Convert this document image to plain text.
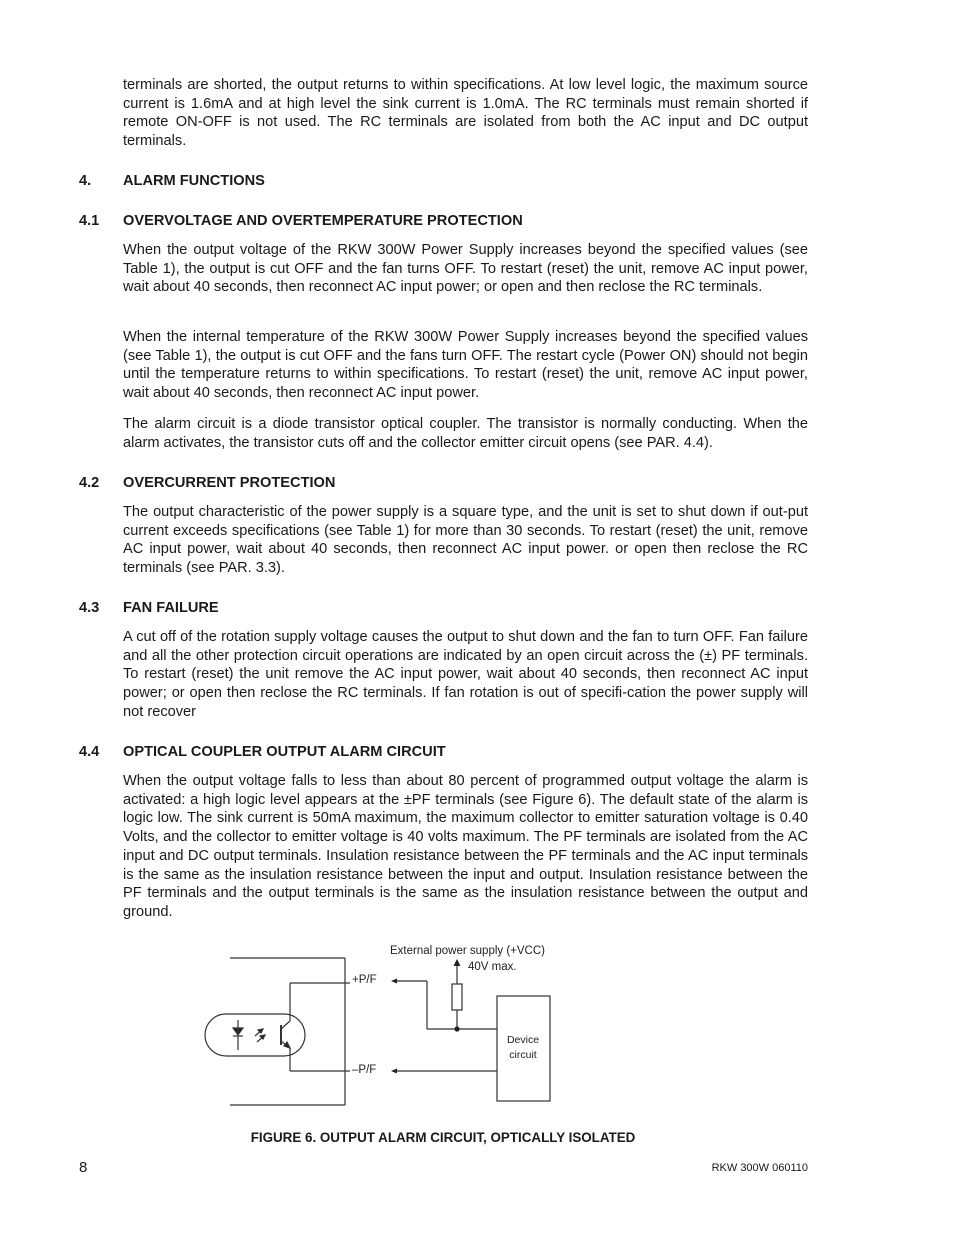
terminals are shorted, the output returns to within specifications. At low level logic, the maximum source current is 1.6mA and at high level the sink current is 1.0mA. The RC terminals must remain shorted if remote ON-OFF is not used. The RC terminals are isolated from both the AC input and DC output terminals.

4. ALARM FUNCTIONS
4.1 OVERVOLTAGE AND OVERTEMPERATURE PROTECTION

When the output voltage of the RKW 300W Power Supply increases beyond the specified values (see Table 1), the output is cut OFF and the fan turns OFF. To restart (reset) the unit, remove AC input power, wait about 40 seconds, then reconnect AC input power; or open and then reclose the RC terminals.

When the internal temperature of the RKW 300W Power Supply increases beyond the specified values (see Table 1), the output is cut OFF and the fans turn OFF. The restart cycle (Power ON) should not begin until the temperature returns to within specifications. To restart (reset) the unit, remove AC input power, wait about 40 seconds, then reconnect AC input power.

The alarm circuit is a diode transistor optical coupler. The transistor is normally conducting. When the alarm activates, the transistor cuts off and the collector emitter circuit opens (see PAR. 4.4).

4.2 OVERCURRENT PROTECTION

The output characteristic of the power supply is a square type, and the unit is set to shut down if out-put current exceeds specifications (see Table 1) for more than 30 seconds. To restart (reset) the unit, remove AC input power, wait about 40 seconds, then reconnect AC input power. or open then reclose the RC terminals (see PAR. 3.3).

4.3 FAN FAILURE

A cut off of the rotation supply voltage causes the output to shut down and the fan to turn OFF. Fan failure and all the other protection circuit operations are indicated by an open circuit across the (±) PF terminals. To restart (reset) the unit remove the AC input power, wait about 40 seconds, then reconnect AC input power; or open then reclose the RC terminals. If fan rotation is out of specifi-cation the power supply will not recover

4.4 OPTICAL COUPLER OUTPUT ALARM CIRCUIT

When the output voltage falls to less than about 80 percent of programmed output voltage the alarm is activated: a high logic level appears at the ±PF terminals (see Figure 6). The default state of the alarm is logic low. The sink current is 50mA maximum, the maximum collector to emitter saturation voltage is 0.40 Volts, and the collector to emitter voltage is 40 volts maximum. The PF terminals are isolated from the AC input and DC output terminals. Insulation resistance between the PF terminals and the AC input terminals is the same as the insulation resistance between the input and output. Insulation resistance between the PF terminals and the output terminals is the same as the insulation resistance between the output and ground.

External power supply (+VCC)
40V max.
+P/F
–P/F
Device
circuit
FIGURE 6. OUTPUT ALARM CIRCUIT, OPTICALLY ISOLATED
8	RKW 300W 060110
